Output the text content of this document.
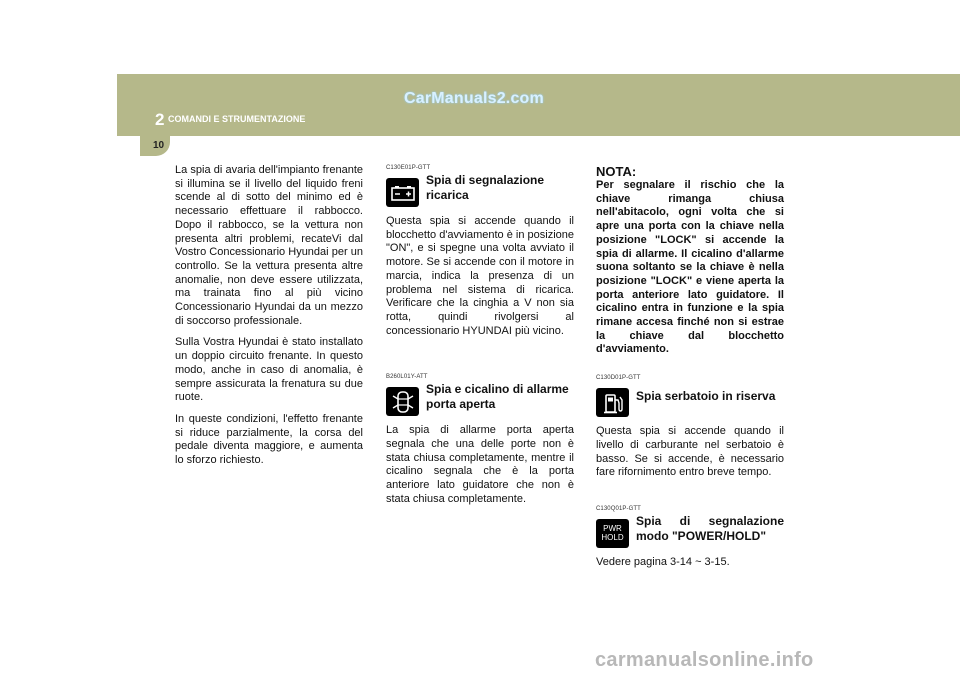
2 COMANDI E STRUMENTAZIONE
10
CarManuals2.com
carmanualsonline.info

La spia di avaria dell'impianto frenante si illumina se il livello del liquido freni scende al di sotto del minimo ed è necessario effettuare il rabbocco. Dopo il rabbocco, se la vettura non presenta altri problemi, recateVi dal Vostro Concessionario Hyundai per un controllo. Se la vettura presenta altre anomalie, non deve essere utilizzata, ma trainata fino al più vicino Concessionario Hyundai da un mezzo di soccorso professionale.

Sulla Vostra Hyundai è stato installato un doppio circuito frenante. In questo modo, anche in caso di anomalia, è sempre assicurata la frenatura su due ruote.

In queste condizioni, l'effetto frenante si riduce parzialmente, la corsa del pedale diventa maggiore, e aumenta lo sforzo richiesto.

C130E01P-GTT
Spia di segnalazione ricarica

Questa spia si accende quando il blocchetto d'avviamento è in posizione "ON", e si spegne una volta avviato il motore. Se si accende con il motore in marcia, indica la presenza di un problema nel sistema di ricarica. Verificare che la cinghia a V non sia rotta, quindi rivolgersi al concessionario HYUNDAI più vicino.

B260L01Y-ATT
Spia e cicalino di allarme porta aperta

La spia di allarme porta aperta segnala che una delle porte non è stata chiusa completamente, mentre il cicalino segnala che è la porta anteriore lato guidatore che non è stata chiusa completamente.

NOTA:

Per segnalare il rischio che la chiave rimanga chiusa nell'abitacolo, ogni volta che si apre una porta con la chiave nella posizione "LOCK" si accende la spia di allarme. Il cicalino d'allarme suona soltanto se la chiave è nella posizione "LOCK" e viene aperta la porta anteriore lato guidatore. Il cicalino entra in funzione e la spia rimane accesa finché non si estrae la chiave dal blocchetto d'avviamento.

C130D01P-GTT
Spia serbatoio in riserva

Questa spia si accende quando il livello di carburante nel serbatoio è basso. Se si accende, è necessario fare rifornimento entro breve tempo.

C130Q01P-GTT
PWR
HOLD
Spia di segnalazione modo "POWER/HOLD"

Vedere pagina 3-14 ~ 3-15.
